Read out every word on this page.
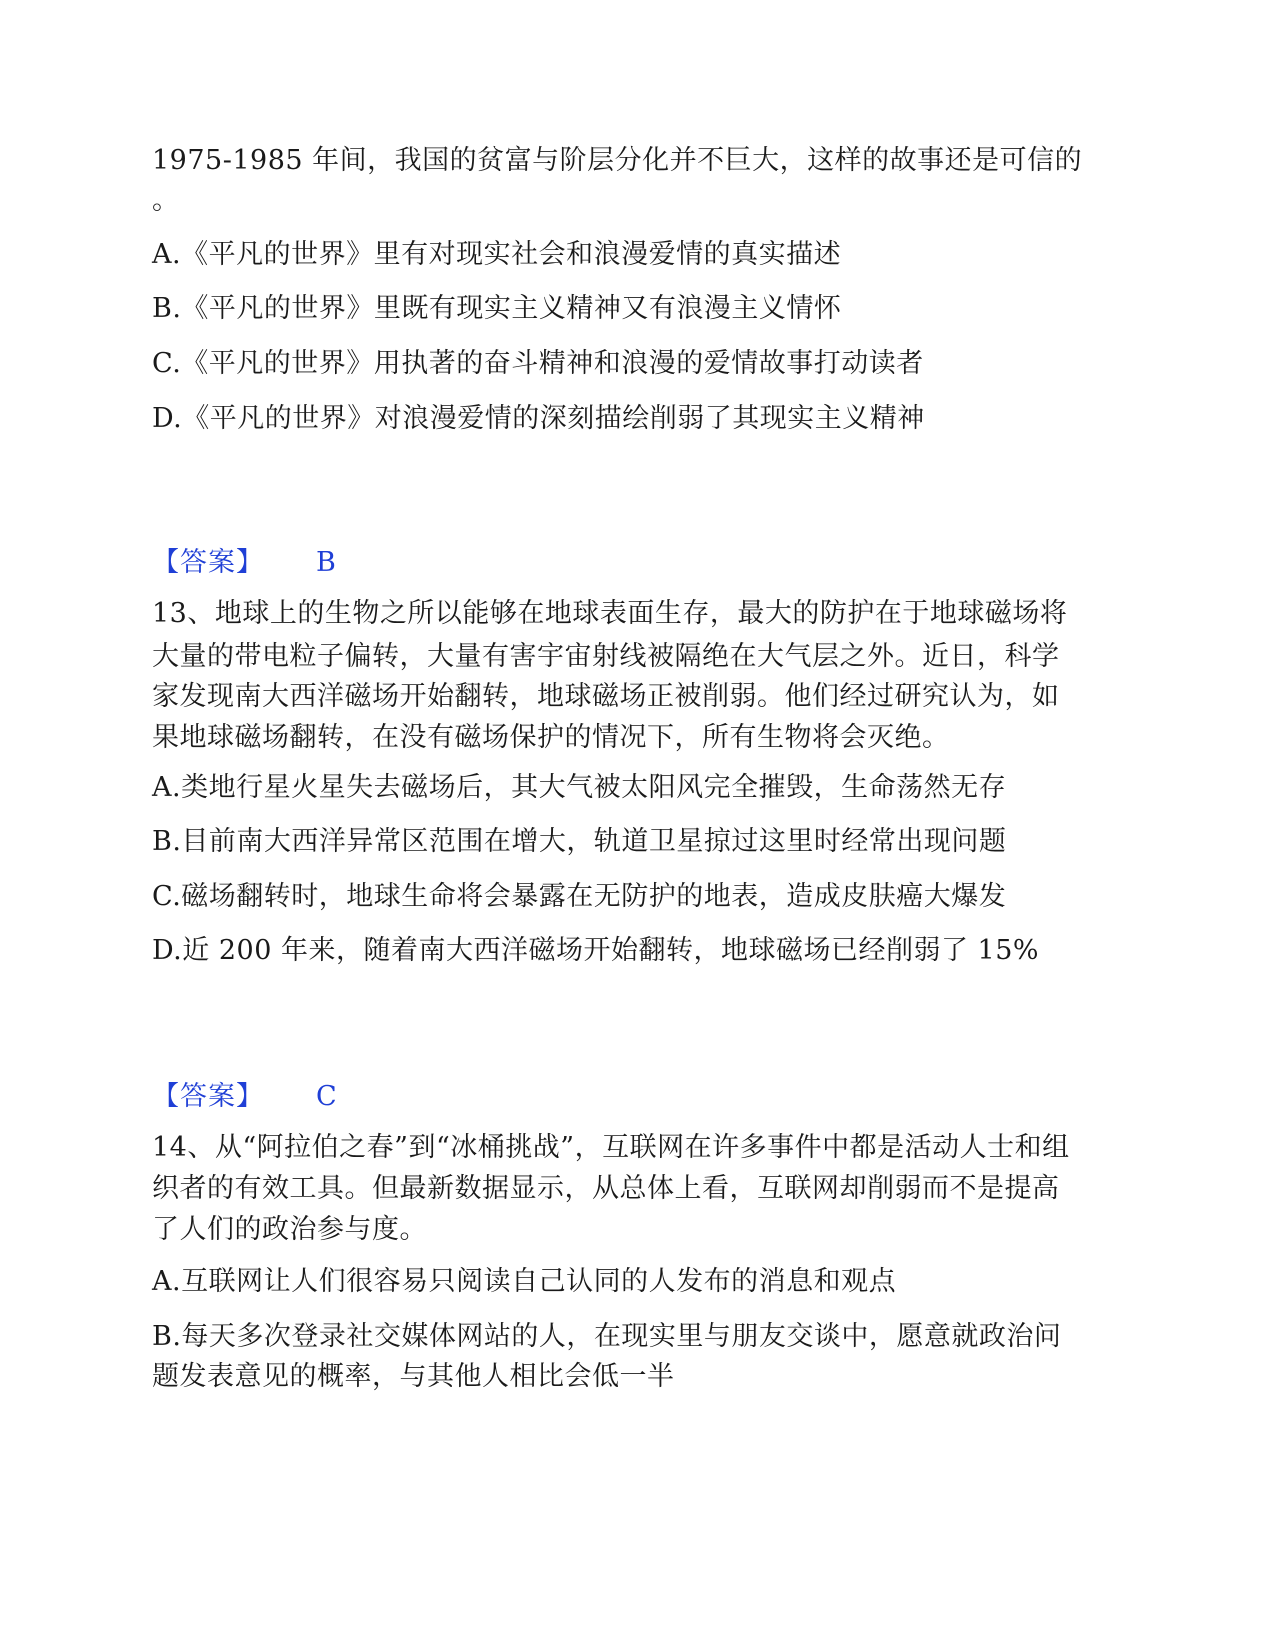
1975-1985 年间，我国的贫富与阶层分化并不巨大，这样的故事还是可信的
。
A.《平凡的世界》里有对现实社会和浪漫爱情的真实描述
B.《平凡的世界》里既有现实主义精神又有浪漫主义情怀
C.《平凡的世界》用执著的奋斗精神和浪漫的爱情故事打动读者
D.《平凡的世界》对浪漫爱情的深刻描绘削弱了其现实主义精神
【答案】 B
13、地球上的生物之所以能够在地球表面生存，最大的防护在于地球磁场将
大量的带电粒子偏转，大量有害宇宙射线被隔绝在大气层之外。近日，科学
家发现南大西洋磁场开始翻转，地球磁场正被削弱。他们经过研究认为，如
果地球磁场翻转，在没有磁场保护的情况下，所有生物将会灭绝。
A.类地行星火星失去磁场后，其大气被太阳风完全摧毁，生命荡然无存
B.目前南大西洋异常区范围在增大，轨道卫星掠过这里时经常出现问题
C.磁场翻转时，地球生命将会暴露在无防护的地表，造成皮肤癌大爆发
D.近 200 年来，随着南大西洋磁场开始翻转，地球磁场已经削弱了 15%
【答案】 C
14、从“阿拉伯之春”到“冰桶挑战”，互联网在许多事件中都是活动人士和组
织者的有效工具。但最新数据显示，从总体上看，互联网却削弱而不是提高
了人们的政治参与度。
A.互联网让人们很容易只阅读自己认同的人发布的消息和观点
B.每天多次登录社交媒体网站的人，在现实里与朋友交谈中，愿意就政治问
题发表意见的概率，与其他人相比会低一半
